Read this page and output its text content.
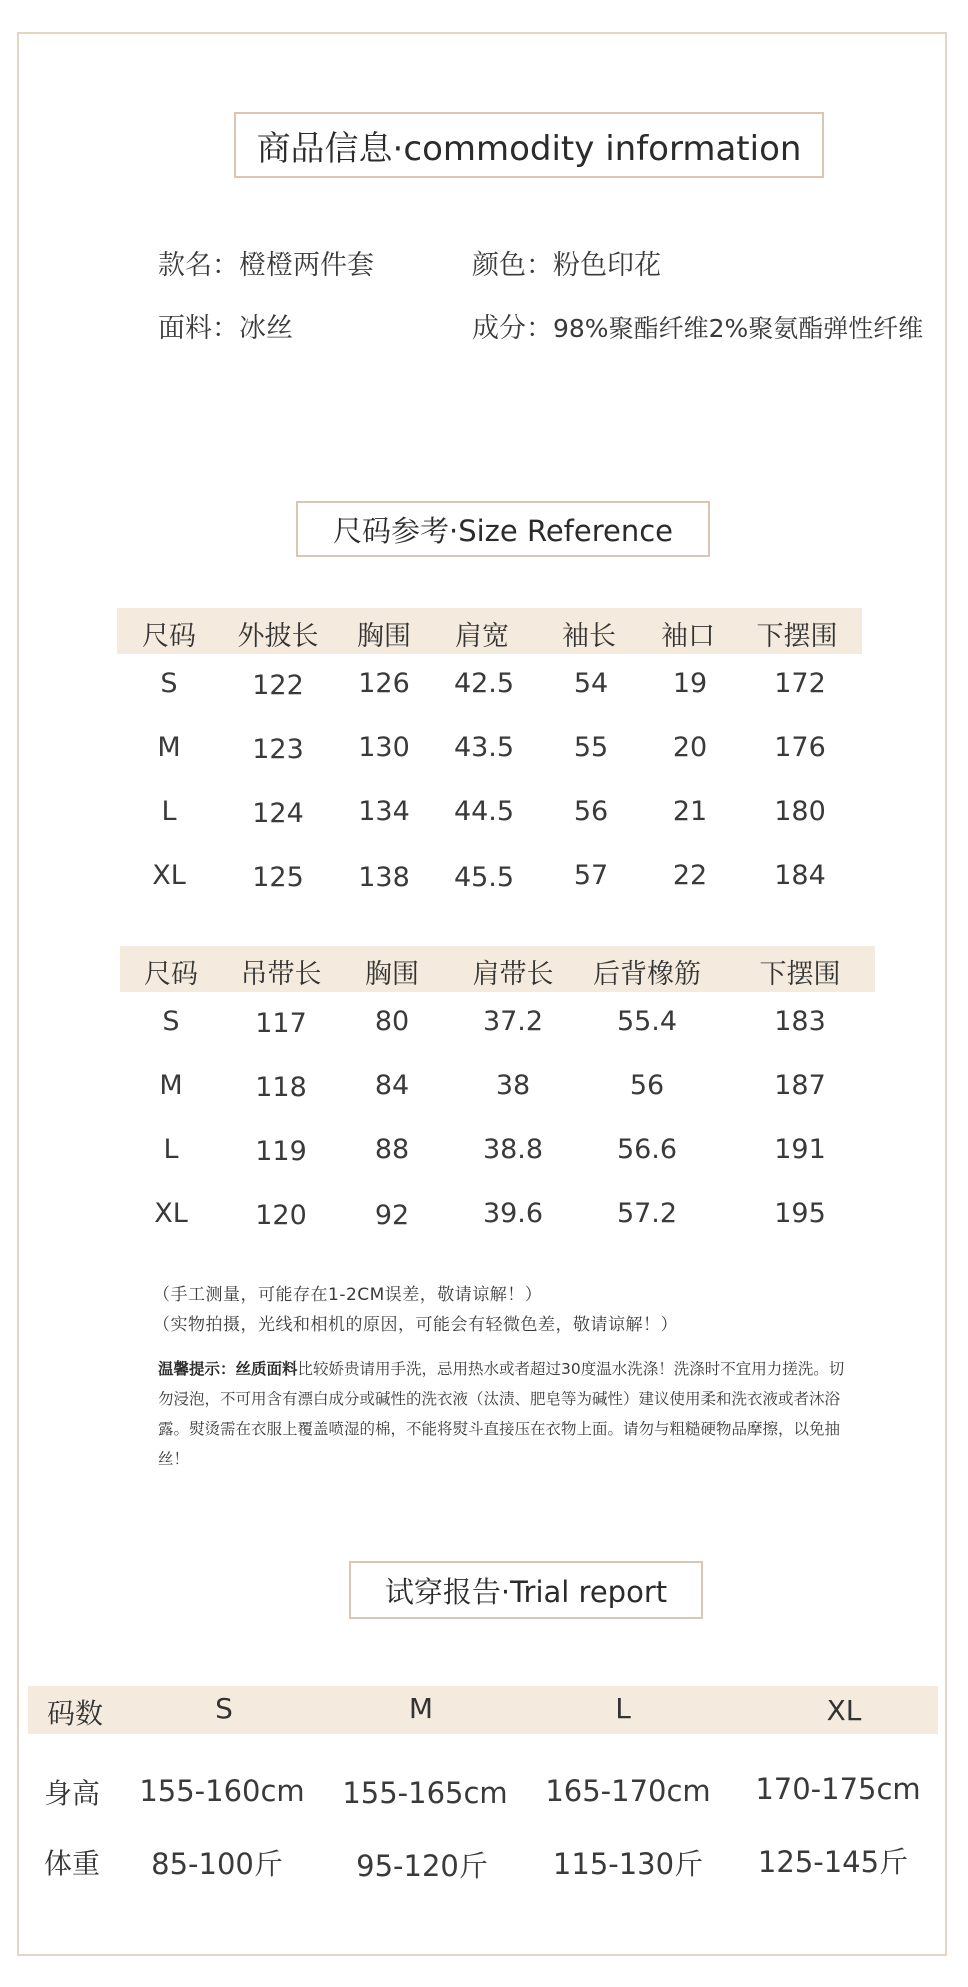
商品信息·commodity information
款名：橙橙两件套	颜色：粉色印花
面料：冰丝	成分：98%聚酯纤维2%聚氨酯弹性纤维
尺码参考·Size Reference
尺码 外披长 胸围 肩宽 袖长 袖口 下摆围
S	122 126 42.5 54 19 172
M	123 130 43.5 55 20 176
L	124 134 44.5 56 21 180
XL 125 138 45.5 57 22 184
尺码 吊带长 胸围 肩带长 后背橡筋 下摆围
S	117	80	37.2	55.4	183
M	118	84	38	56	187
L	119	88	38.8	56.6	191
XL 120	92	39.6	57.2	195
（手工测量，可能存在1-2CM误差，敬请谅解！）
（实物拍摄，光线和相机的原因，可能会有轻微色差，敬请谅解！）
温馨提示：丝质面料比较娇贵请用手洗，忌用热水或者超过30度温水洗涤！洗涤时不宜用力搓洗。切勿浸泡，不可用含有漂白成分或碱性的洗衣液（汰渍、肥皂等为碱性）建议使用柔和洗衣液或者沐浴露。熨烫需在衣服上覆盖喷湿的棉，不能将熨斗直接压在衣物上面。请勿与粗糙硬物品摩擦，以免抽丝！
试穿报告·Trial report
码数	S	M	L	XL
身高 155-160cm 155-165cm 165-170cm 170-175cm
体重 85-100斤	95-120斤 115-130斤 125-145斤
